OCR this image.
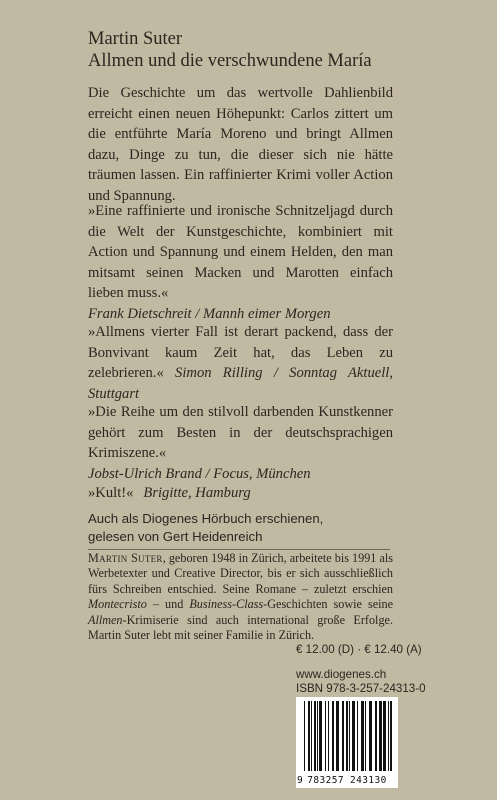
Martin Suter
Allmen und die verschwundene María
Die Geschichte um das wertvolle Dahlienbild erreicht einen neuen Höhepunkt: Carlos zittert um die entführte María Moreno und bringt Allmen dazu, Dinge zu tun, die dieser sich nie hätte träumen lassen. Ein raffinierter Krimi voller Action und Spannung.
»Eine raffinierte und ironische Schnitzeljagd durch die Welt der Kunstgeschichte, kombiniert mit Action und Spannung und einem Helden, den man mitsamt seinen Macken und Marotten einfach lieben muss.«
Frank Dietschreit / Mannh eimer Morgen
»Allmens vierter Fall ist derart packend, dass der Bonvivant kaum Zeit hat, das Leben zu zelebrieren.« Simon Rilling / Sonntag Aktuell, Stuttgart
»Die Reihe um den stilvoll darbenden Kunstkenner gehört zum Besten in der deutschsprachigen Krimiszene.«
Jobst-Ulrich Brand / Focus, München
»Kult!« Brigitte, Hamburg
Auch als Diogenes Hörbuch erschienen,
gelesen von Gert Heidenreich
Martin Suter, geboren 1948 in Zürich, arbeitete bis 1991 als Werbetexter und Creative Director, bis er sich ausschließlich fürs Schreiben entschied. Seine Romane – zuletzt erschien Montecristo – und Business-Class-Geschichten sowie seine Allmen-Krimiserie sind auch international große Erfolge. Martin Suter lebt mit seiner Familie in Zürich.
€ 12.00 (D) · € 12.40 (A)
www.diogenes.ch
ISBN 978-3-257-24313-0
9 783257 243130
